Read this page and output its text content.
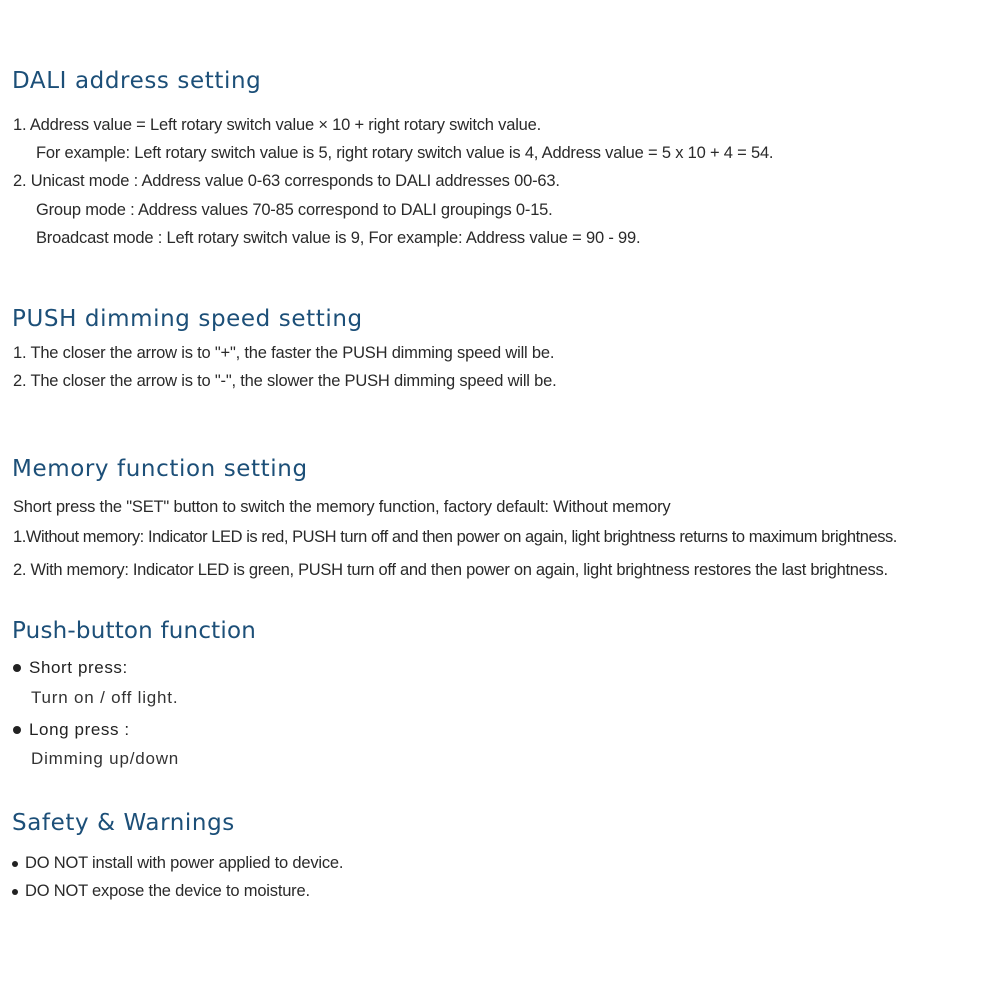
DALI address setting

1. Address value = Left rotary switch value × 10 + right rotary switch value.

For example: Left rotary switch value is 5, right rotary switch value is 4, Address value = 5 x 10 + 4 = 54.

2. Unicast mode : Address value 0-63 corresponds to DALI addresses 00-63.

Group mode : Address values 70-85 correspond to DALI groupings 0-15.

Broadcast mode : Left rotary switch value is 9, For example: Address value = 90 - 99.

PUSH dimming speed setting

1. The closer the arrow is to "+", the faster the PUSH dimming speed will be.

2. The closer the arrow is to "-", the slower the PUSH dimming speed will be.

Memory function setting

Short press the "SET" button to switch the memory function, factory default: Without memory

1.Without memory: Indicator LED is red, PUSH turn off and then power on again, light brightness returns to maximum brightness.

2. With memory: Indicator LED is green, PUSH turn off and then power on again, light brightness restores the last brightness.

Push-button function
Short press:

Turn on / off light.

Long press :

Dimming up/down

Safety & Warnings
DO NOT install with power applied to device.
DO NOT expose the device to moisture.
